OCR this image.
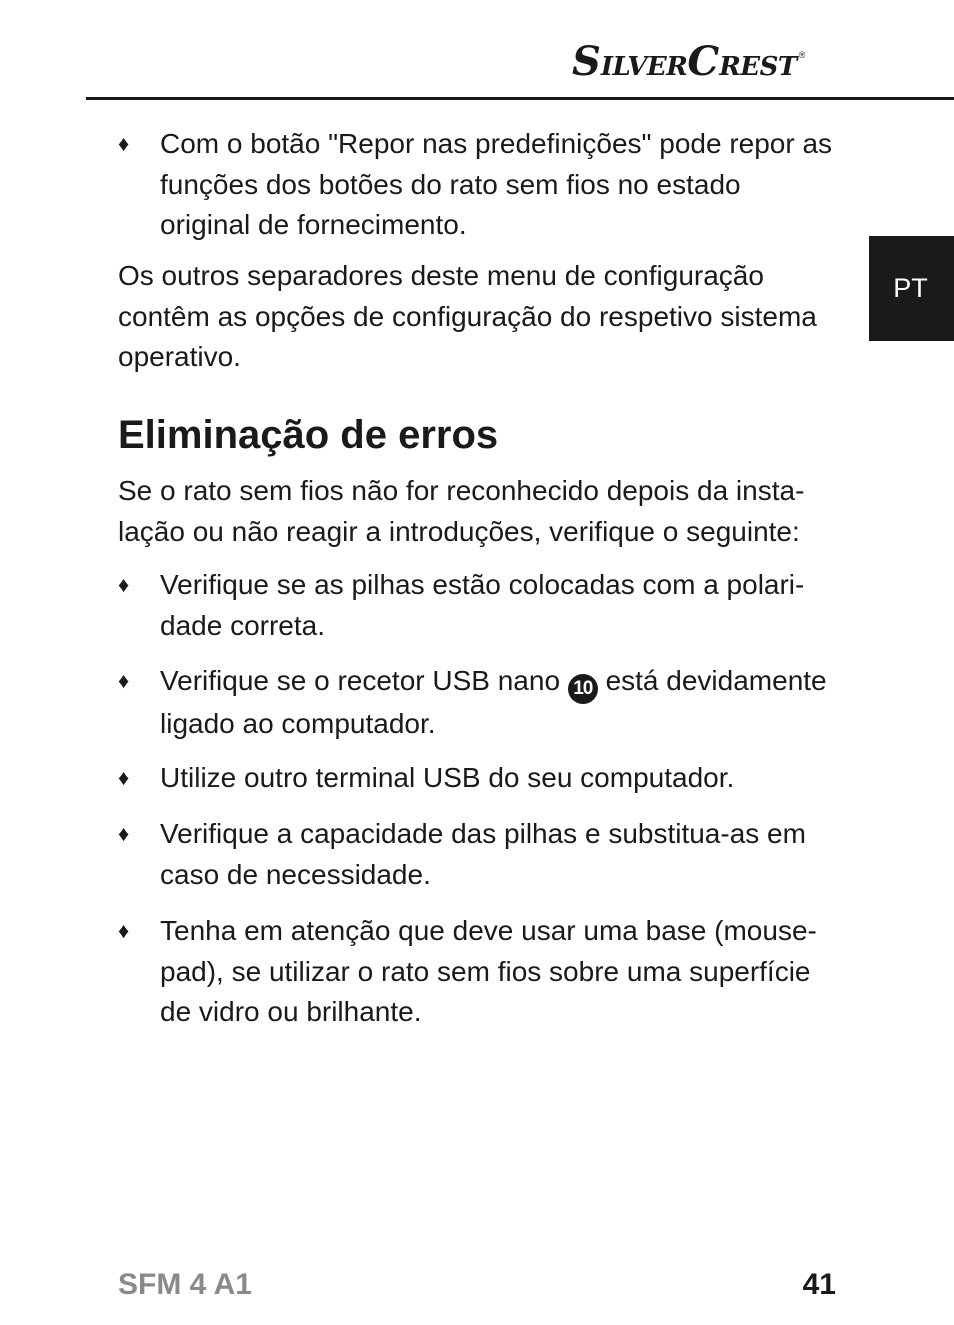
S ILVER C REST ®
PT
♦	Com o botão "Repor nas predefinições" pode repor as funções dos botões do rato sem fios no estado original de fornecimento.

Os outros separadores deste menu de configuração contêm as opções de configuração do respetivo sistema operativo.

Eliminação de erros

Se o rato sem fios não for reconhecido depois da insta-lação ou não reagir a introduções, verifique o seguinte:

♦	Verifique se as pilhas estão colocadas com a polari-dade correta.

♦	Verifique se o recetor USB nano 10 está devidamente ligado ao computador.

♦	Utilize outro terminal USB do seu computador.

♦	Verifique a capacidade das pilhas e substitua-as em caso de necessidade.

♦	Tenha em atenção que deve usar uma base (mouse-pad), se utilizar o rato sem fios sobre uma superfície de vidro ou brilhante.

SFM 4 A1	41
